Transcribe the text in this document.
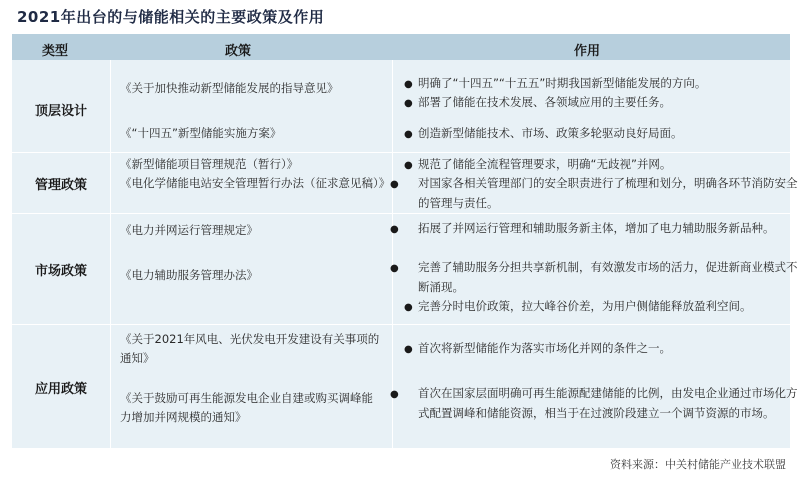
2021年出台的与储能相关的主要政策及作用
类型	政策	作用
顶层设计
《关于加快推动新型储能发展的指导意见》
《“十四五”新型储能实施方案》
● 明确了“十四五”“十五五”时期我国新型储能发展的方向。
● 部署了储能在技术发展、各领域应用的主要任务。
● 创造新型储能技术、市场、政策多轮驱动良好局面。
管理政策
《新型储能项目管理规范（暂行）》
《电化学储能电站安全管理暂行办法（征求意见稿）》
● 规范了储能全流程管理要求，明确“无歧视”并网。
● 对国家各相关管理部门的安全职责进行了梳理和划分，明确各环节消防安全的管理与责任。
市场政策
《电力并网运行管理规定》
《电力辅助服务管理办法》
● 拓展了并网运行管理和辅助服务新主体，增加了电力辅助服务新品种。
● 完善了辅助服务分担共享新机制，有效激发市场的活力，促进新商业模式不断涌现。
● 完善分时电价政策，拉大峰谷价差，为用户侧储能释放盈利空间。
应用政策
《关于2021年风电、光伏发电开发建设有关事项的通知》
《关于鼓励可再生能源发电企业自建或购买调峰能力增加并网规模的通知》
● 首次将新型储能作为落实市场化并网的条件之一。
● 首次在国家层面明确可再生能源配建储能的比例，由发电企业通过市场化方式配置调峰和储能资源，相当于在过渡阶段建立一个调节资源的市场。
资料来源：中关村储能产业技术联盟
